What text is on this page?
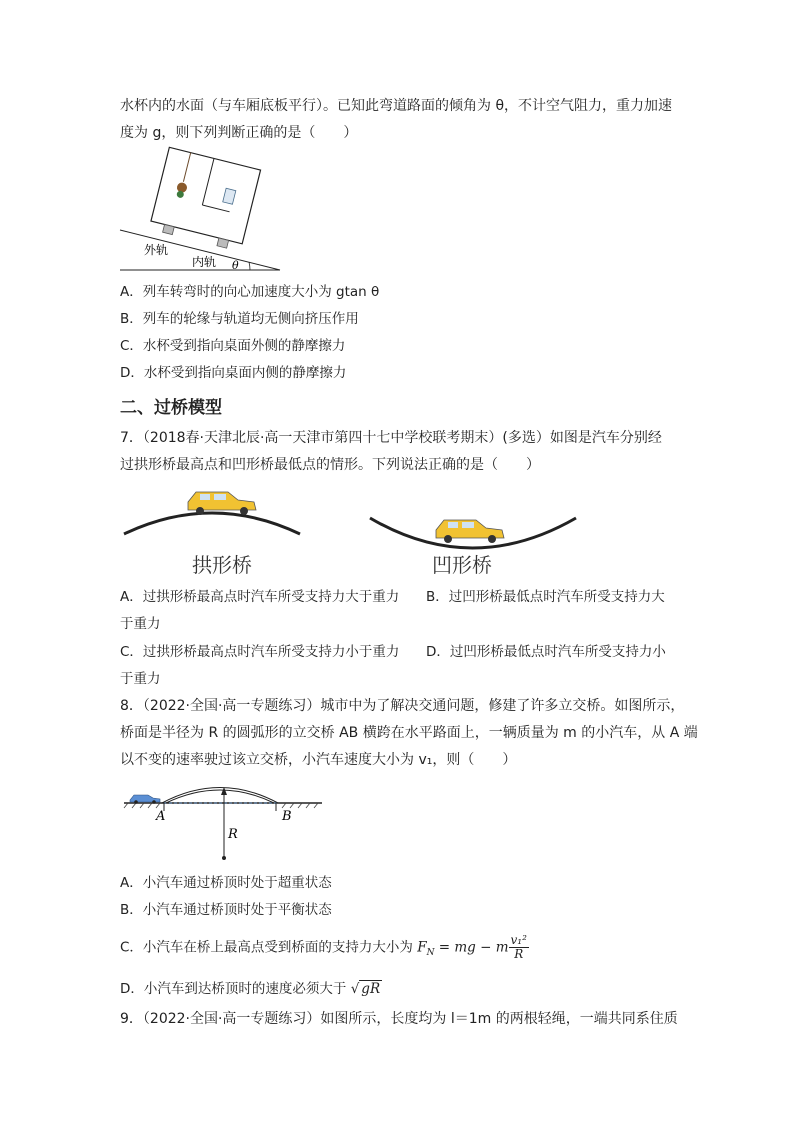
水杯内的水面（与车厢底板平行）。已知此弯道路面的倾角为 θ，不计空气阻力，重力加速
度为 g，则下列判断正确的是（　　）
外轨
内轨 θ
A．列车转弯时的向心加速度大小为 gtan θ
B．列车的轮缘与轨道均无侧向挤压作用
C．水杯受到指向桌面外侧的静摩擦力
D．水杯受到指向桌面内侧的静摩擦力
二、过桥模型
7．（2018春·天津北辰·高一天津市第四十七中学校联考期末）(多选）如图是汽车分别经
过拱形桥最高点和凹形桥最低点的情形。下列说法正确的是（　　）
拱形桥	凹形桥
A．过拱形桥最高点时汽车所受支持力大于重力 B．过凹形桥最低点时汽车所受支持力大
于重力
C．过拱形桥最高点时汽车所受支持力小于重力 D．过凹形桥最低点时汽车所受支持力小
于重力
8．（2022·全国·高一专题练习）城市中为了解决交通问题，修建了许多立交桥。如图所示，
桥面是半径为 R 的圆弧形的立交桥 AB 横跨在水平路面上，一辆质量为 m 的小汽车，从 A 端
以不变的速率驶过该立交桥，小汽车速度大小为 v₁，则（　　）
A	B
R
A．小汽车通过桥顶时处于超重状态
B．小汽车通过桥顶时处于平衡状态
C．小汽车在桥上最高点受到桥面的支持力大小为 $F_N$ = mg − m $\frac{\text{v₁²}}{R}$
D．小汽车到达桥顶时的速度必须大于 √ gR
9．（2022·全国·高一专题练习）如图所示，长度均为 l＝1m 的两根轻绳，一端共同系住质
